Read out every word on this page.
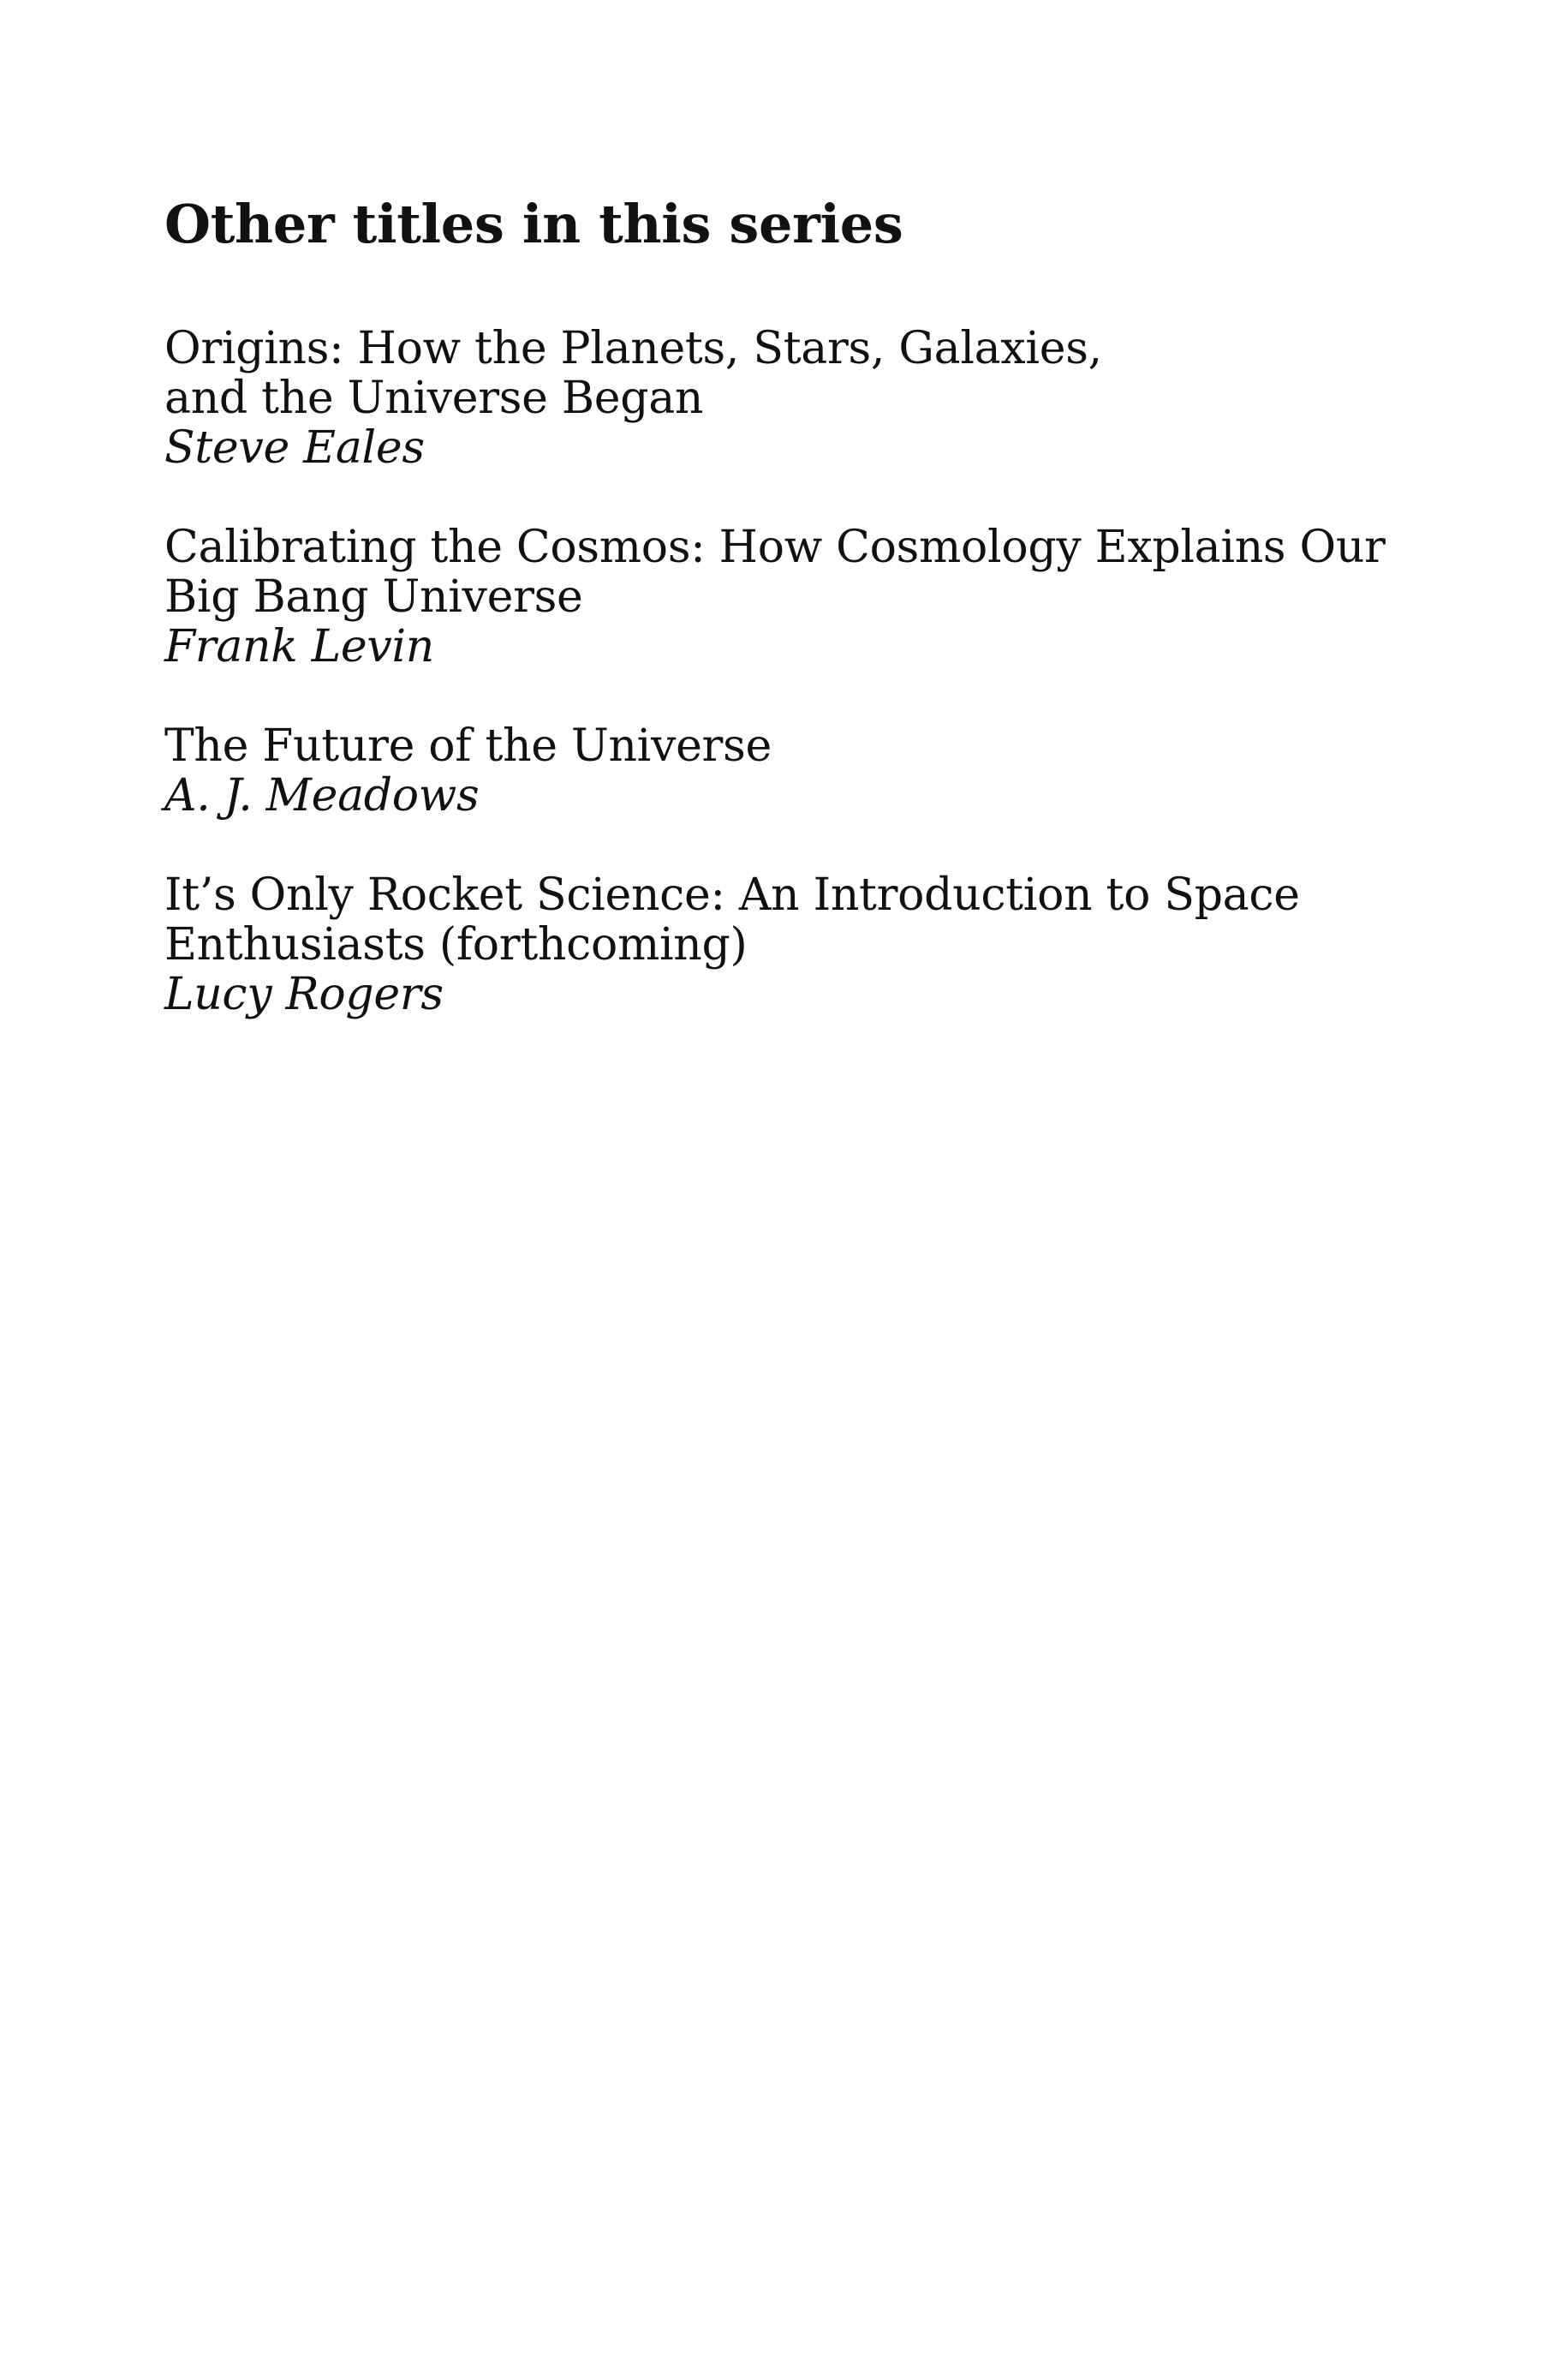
Other titles in this series
Origins: How the Planets, Stars, Galaxies,
and the Universe Began
Steve Eales
Calibrating the Cosmos: How Cosmology Explains Our
Big Bang Universe
Frank Levin
The Future of the Universe
A. J. Meadows
It’s Only Rocket Science: An Introduction to Space
Enthusiasts (forthcoming)
Lucy Rogers
